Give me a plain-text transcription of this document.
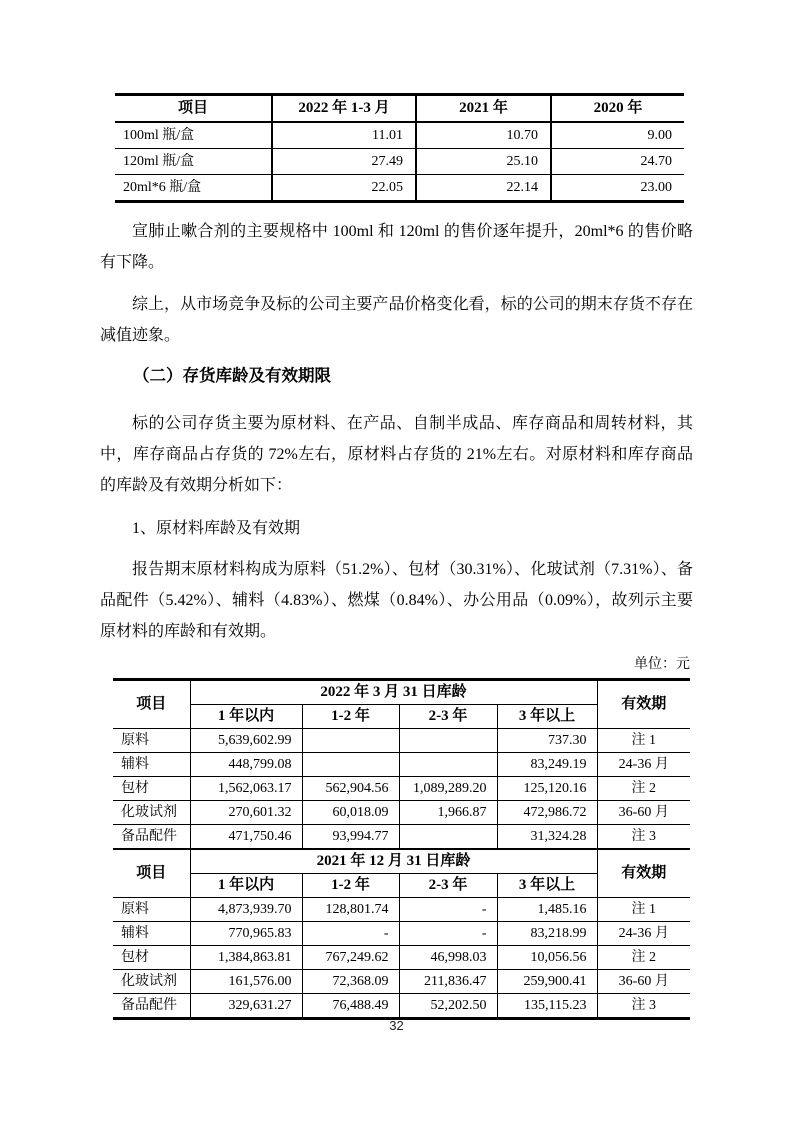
项目	2022 年 1-3 月	2021 年	2020 年
100ml 瓶/盒	11.01	10.70	9.00
120ml 瓶/盒	27.49	25.10	24.70
20ml*6 瓶/盒	22.05	22.14	23.00

宣肺止嗽合剂的主要规格中 100ml 和 120ml 的售价逐年提升，20ml*6 的售价略有下降。

综上，从市场竞争及标的公司主要产品价格变化看，标的公司的期末存货不存在减值迹象。

（二）存货库龄及有效期限

标的公司存货主要为原材料、在产品、自制半成品、库存商品和周转材料，其中，库存商品占存货的 72%左右，原材料占存货的 21%左右。对原材料和库存商品的库龄及有效期分析如下：

1、原材料库龄及有效期

报告期末原材料构成为原料（51.2%）、包材（30.31%）、化玻试剂（7.31%）、备品配件（5.42%）、辅料（4.83%）、燃煤（0.84%）、办公用品（0.09%），故列示主要原材料的库龄和有效期。

单位：元
项目	2022 年 3 月 31 日库龄				有效期
	1 年以内	1-2 年	2-3 年	3 年以上	
原料	5,639,602.99			737.30	注 1
辅料	448,799.08			83,249.19	24-36 月
包材	1,562,063.17	562,904.56	1,089,289.20	125,120.16	注 2
化玻试剂	270,601.32	60,018.09	1,966.87	472,986.72	36-60 月
备品配件	471,750.46	93,994.77		31,324.28	注 3
项目	2021 年 12 月 31 日库龄				有效期
	1 年以内	1-2 年	2-3 年	3 年以上	
原料	4,873,939.70	128,801.74	-	1,485.16	注 1
辅料	770,965.83	-	-	83,218.99	24-36 月
包材	1,384,863.81	767,249.62	46,998.03	10,056.56	注 2
化玻试剂	161,576.00	72,368.09	211,836.47	259,900.41	36-60 月
备品配件	329,631.27	76,488.49	52,202.50	135,115.23	注 3
32
